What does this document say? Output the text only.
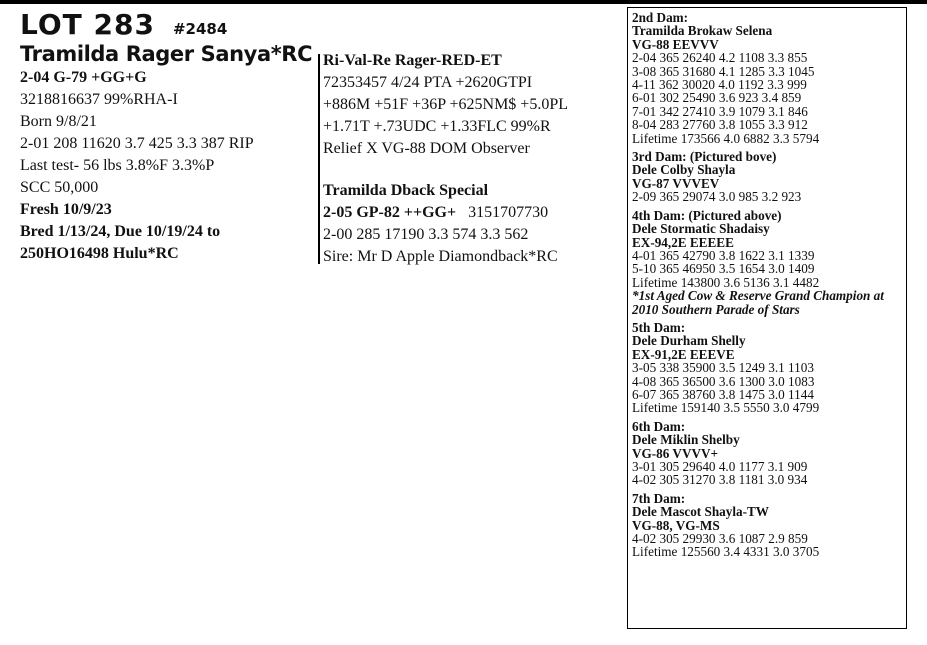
LOT 283 #2484
Tramilda Rager Sanya*RC
2-04 G-79 +GG+G
3218816637 99%RHA-I
Born 9/8/21
2-01 208 11620 3.7 425 3.3 387 RIP
Last test- 56 lbs 3.8%F 3.3%P
SCC 50,000
Fresh 10/9/23
Bred 1/13/24, Due 10/19/24 to
250HO16498 Hulu*RC
Ri-Val-Re Rager-RED-ET
72353457 4/24 PTA +2620GTPI
+886M +51F +36P +625NM$ +5.0PL
+1.71T +.73UDC +1.33FLC 99%R
Relief X VG-88 DOM Observer
Tramilda Dback Special
2-05 GP-82 ++GG+ 3151707730
2-00 285 17190 3.3 574 3.3 562
Sire: Mr D Apple Diamondback*RC
2nd Dam:
Tramilda Brokaw Selena
VG-88 EEVVV
2-04 365 26240 4.2 1108 3.3 855
3-08 365 31680 4.1 1285 3.3 1045
4-11 362 30020 4.0 1192 3.3 999
6-01 302 25490 3.6 923 3.4 859
7-01 342 27410 3.9 1079 3.1 846
8-04 283 27760 3.8 1055 3.3 912
Lifetime 173566 4.0 6882 3.3 5794
3rd Dam: (Pictured bove)
Dele Colby Shayla
VG-87 VVVEV
2-09 365 29074 3.0 985 3.2 923
4th Dam: (Pictured above)
Dele Stormatic Shadaisy
EX-94,2E EEEEE
4-01 365 42790 3.8 1622 3.1 1339
5-10 365 46950 3.5 1654 3.0 1409
Lifetime 143800 3.6 5136 3.1 4482
*1st Aged Cow & Reserve Grand Champion at 2010 Southern Parade of Stars
5th Dam:
Dele Durham Shelly
EX-91,2E EEEVE
3-05 338 35900 3.5 1249 3.1 1103
4-08 365 36500 3.6 1300 3.0 1083
6-07 365 38760 3.8 1475 3.0 1144
Lifetime 159140 3.5 5550 3.0 4799
6th Dam:
Dele Miklin Shelby
VG-86 VVVV+
3-01 305 29640 4.0 1177 3.1 909
4-02 305 31270 3.8 1181 3.0 934
7th Dam:
Dele Mascot Shayla-TW
VG-88, VG-MS
4-02 305 29930 3.6 1087 2.9 859
Lifetime 125560 3.4 4331 3.0 3705
